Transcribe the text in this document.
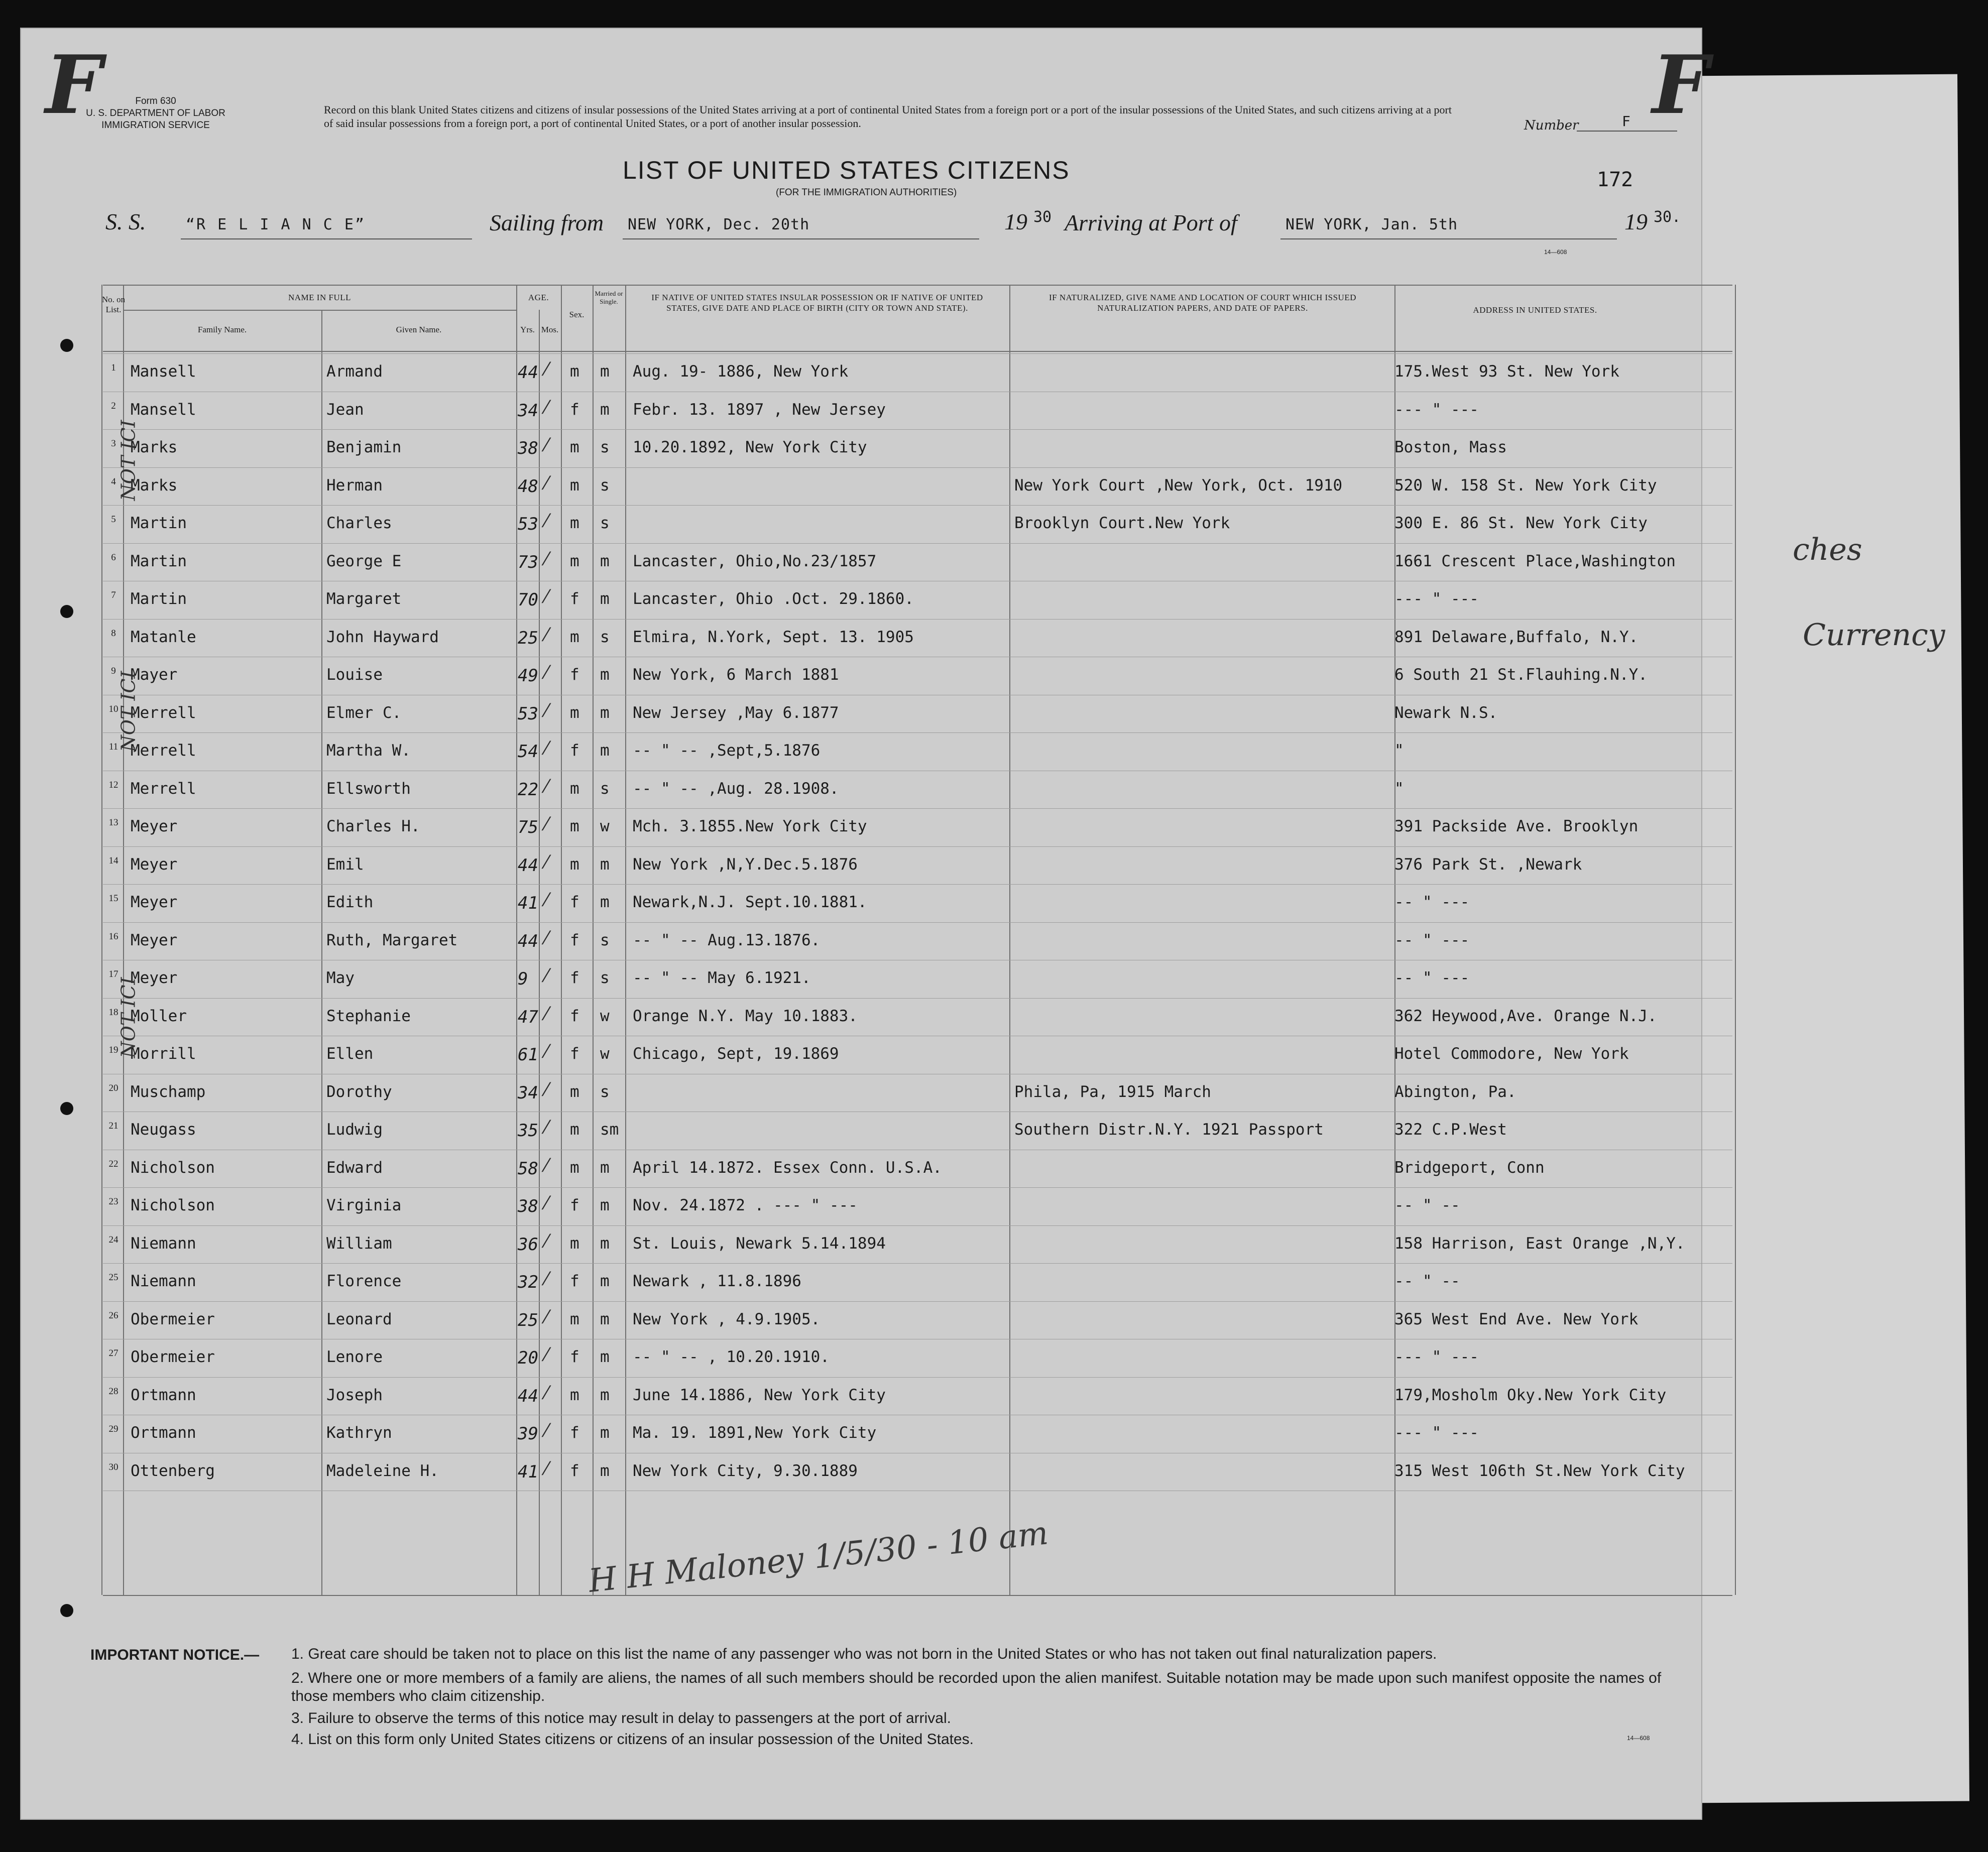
F	F
Form 630
U. S. DEPARTMENT OF LABOR
IMMIGRATION SERVICE
Record on this blank United States citizens and citizens of insular possessions of the United States arriving at a port of continental United States from a foreign port or a port of the insular possessions of the United States, and such citizens arriving at a port of said insular possessions from a foreign port, a port of continental United States, or a port of another insular possession.	Number	F
LIST OF UNITED STATES CITIZENS
(FOR THE IMMIGRATION AUTHORITIES)
172
S. S.	“R E L I A N C E”	Sailing from NEW YORK, Dec. 20th	19 30 Arriving at Port of	NEW YORK, Jan. 5th	19 30.
14—608
No. on List.
NAME IN FULL
Family Name.	Given Name.
AGE.
Yrs. Mos.
Sex.
Married or Single.	IF NATIVE OF UNITED STATES INSULAR POSSESSION OR IF NATIVE OF UNITED STATES, GIVE DATE AND PLACE OF BIRTH (CITY OR TOWN AND STATE).
IF NATURALIZED, GIVE NAME AND LOCATION OF COURT WHICH ISSUED NATURALIZATION PAPERS, AND DATE OF PAPERS.	ADDRESS IN UNITED STATES.
1 Mansell	Armand	44 m m Aug. 19- 1886, New York	175.West 93 St. New York
⁄
2 Mansell	Jean	34 f m Febr. 13. 1897 , New Jersey	--- " ---
⁄
3 Marks	Benjamin	38 m s 10.20.1892, New York City	Boston, Mass
⁄
4 Marks	Herman	48 m s	New York Court ,New York, Oct. 1910	520 W. 158 St. New York City
⁄
5 Martin	Charles	53 m s	Brooklyn Court.New York	300 E. 86 St. New York City
⁄
6 Martin	George E	73 m m Lancaster, Ohio,No.23/1857	1661 Crescent Place,Washington
⁄
7 Martin	Margaret	70 f m Lancaster, Ohio .Oct. 29.1860.	--- " ---
⁄
8 Matanle	John Hayward	25 m s Elmira, N.York, Sept. 13. 1905	891 Delaware,Buffalo, N.Y.
⁄
9 Mayer	Louise	49 f m New York, 6 March 1881	6 South 21 St.Flauhing.N.Y.
⁄
10 Merrell	Elmer C.	53 m m New Jersey ,May 6.1877	Newark N.S.
⁄
11 Merrell	Martha W.	54 f m -- " -- ,Sept,5.1876	"
⁄
12 Merrell	Ellsworth	22 m s -- " -- ,Aug. 28.1908.	"
⁄
13 Meyer	Charles H.	75 m w Mch. 3.1855.New York City	391 Packside Ave. Brooklyn
⁄
14 Meyer	Emil	44 m m New York ,N,Y.Dec.5.1876	376 Park St. ,Newark
⁄
15 Meyer	Edith	41 f m Newark,N.J. Sept.10.1881.	-- " ---
⁄
16 Meyer	Ruth, Margaret	44 f s -- " -- Aug.13.1876.	-- " ---
⁄
17 Meyer	May	9	f s -- " -- May 6.1921.	-- " ---
⁄
18 Moller	Stephanie	47 f w Orange N.Y. May 10.1883.	362 Heywood,Ave. Orange N.J.
⁄
19 Morrill	Ellen	61 f w Chicago, Sept, 19.1869	Hotel Commodore, New York
⁄
20 Muschamp	Dorothy	34 m s	Phila, Pa, 1915 March	Abington, Pa.
⁄
21 Neugass	Ludwig	35 m sm	Southern Distr.N.Y. 1921 Passport	322 C.P.West
⁄
22 Nicholson	Edward	58 m m April 14.1872. Essex Conn. U.S.A.	Bridgeport, Conn
⁄
23 Nicholson	Virginia	38 f m Nov. 24.1872 . --- " ---	-- " --
⁄
24 Niemann	William	36 m m St. Louis, Newark 5.14.1894	158 Harrison, East Orange ,N,Y.
⁄
25 Niemann	Florence	32 f m Newark , 11.8.1896	-- " --
⁄
26 Obermeier	Leonard	25 m m New York , 4.9.1905.	365 West End Ave. New York
⁄
27 Obermeier	Lenore	20 f m -- " -- , 10.20.1910.	--- " ---
⁄
28 Ortmann	Joseph	44 m m June 14.1886, New York City	179,Mosholm Oky.New York City
⁄
29 Ortmann	Kathryn	39 f m Ma. 19. 1891,New York City	--- " ---
⁄
30 Ottenberg	Madeleine H.	41 f m New York City, 9.30.1889	315 West 106th St.New York City
⁄
NOT ICI
NOT ICI
NOT ICI
H H Maloney 1/5/30 - 10 am
IMPORTANT NOTICE.— 1. Great care should be taken not to place on this list the name of any passenger who was not born in the United States or who has not taken out final naturalization papers.
2. Where one or more members of a family are aliens, the names of all such members should be recorded upon the alien manifest. Suitable notation may be made upon such manifest opposite the names of those members who claim citizenship.
3. Failure to observe the terms of this notice may result in delay to passengers at the port of arrival.
4. List on this form only United States citizens or citizens of an insular possession of the United States.	14—608
ches
Currency
